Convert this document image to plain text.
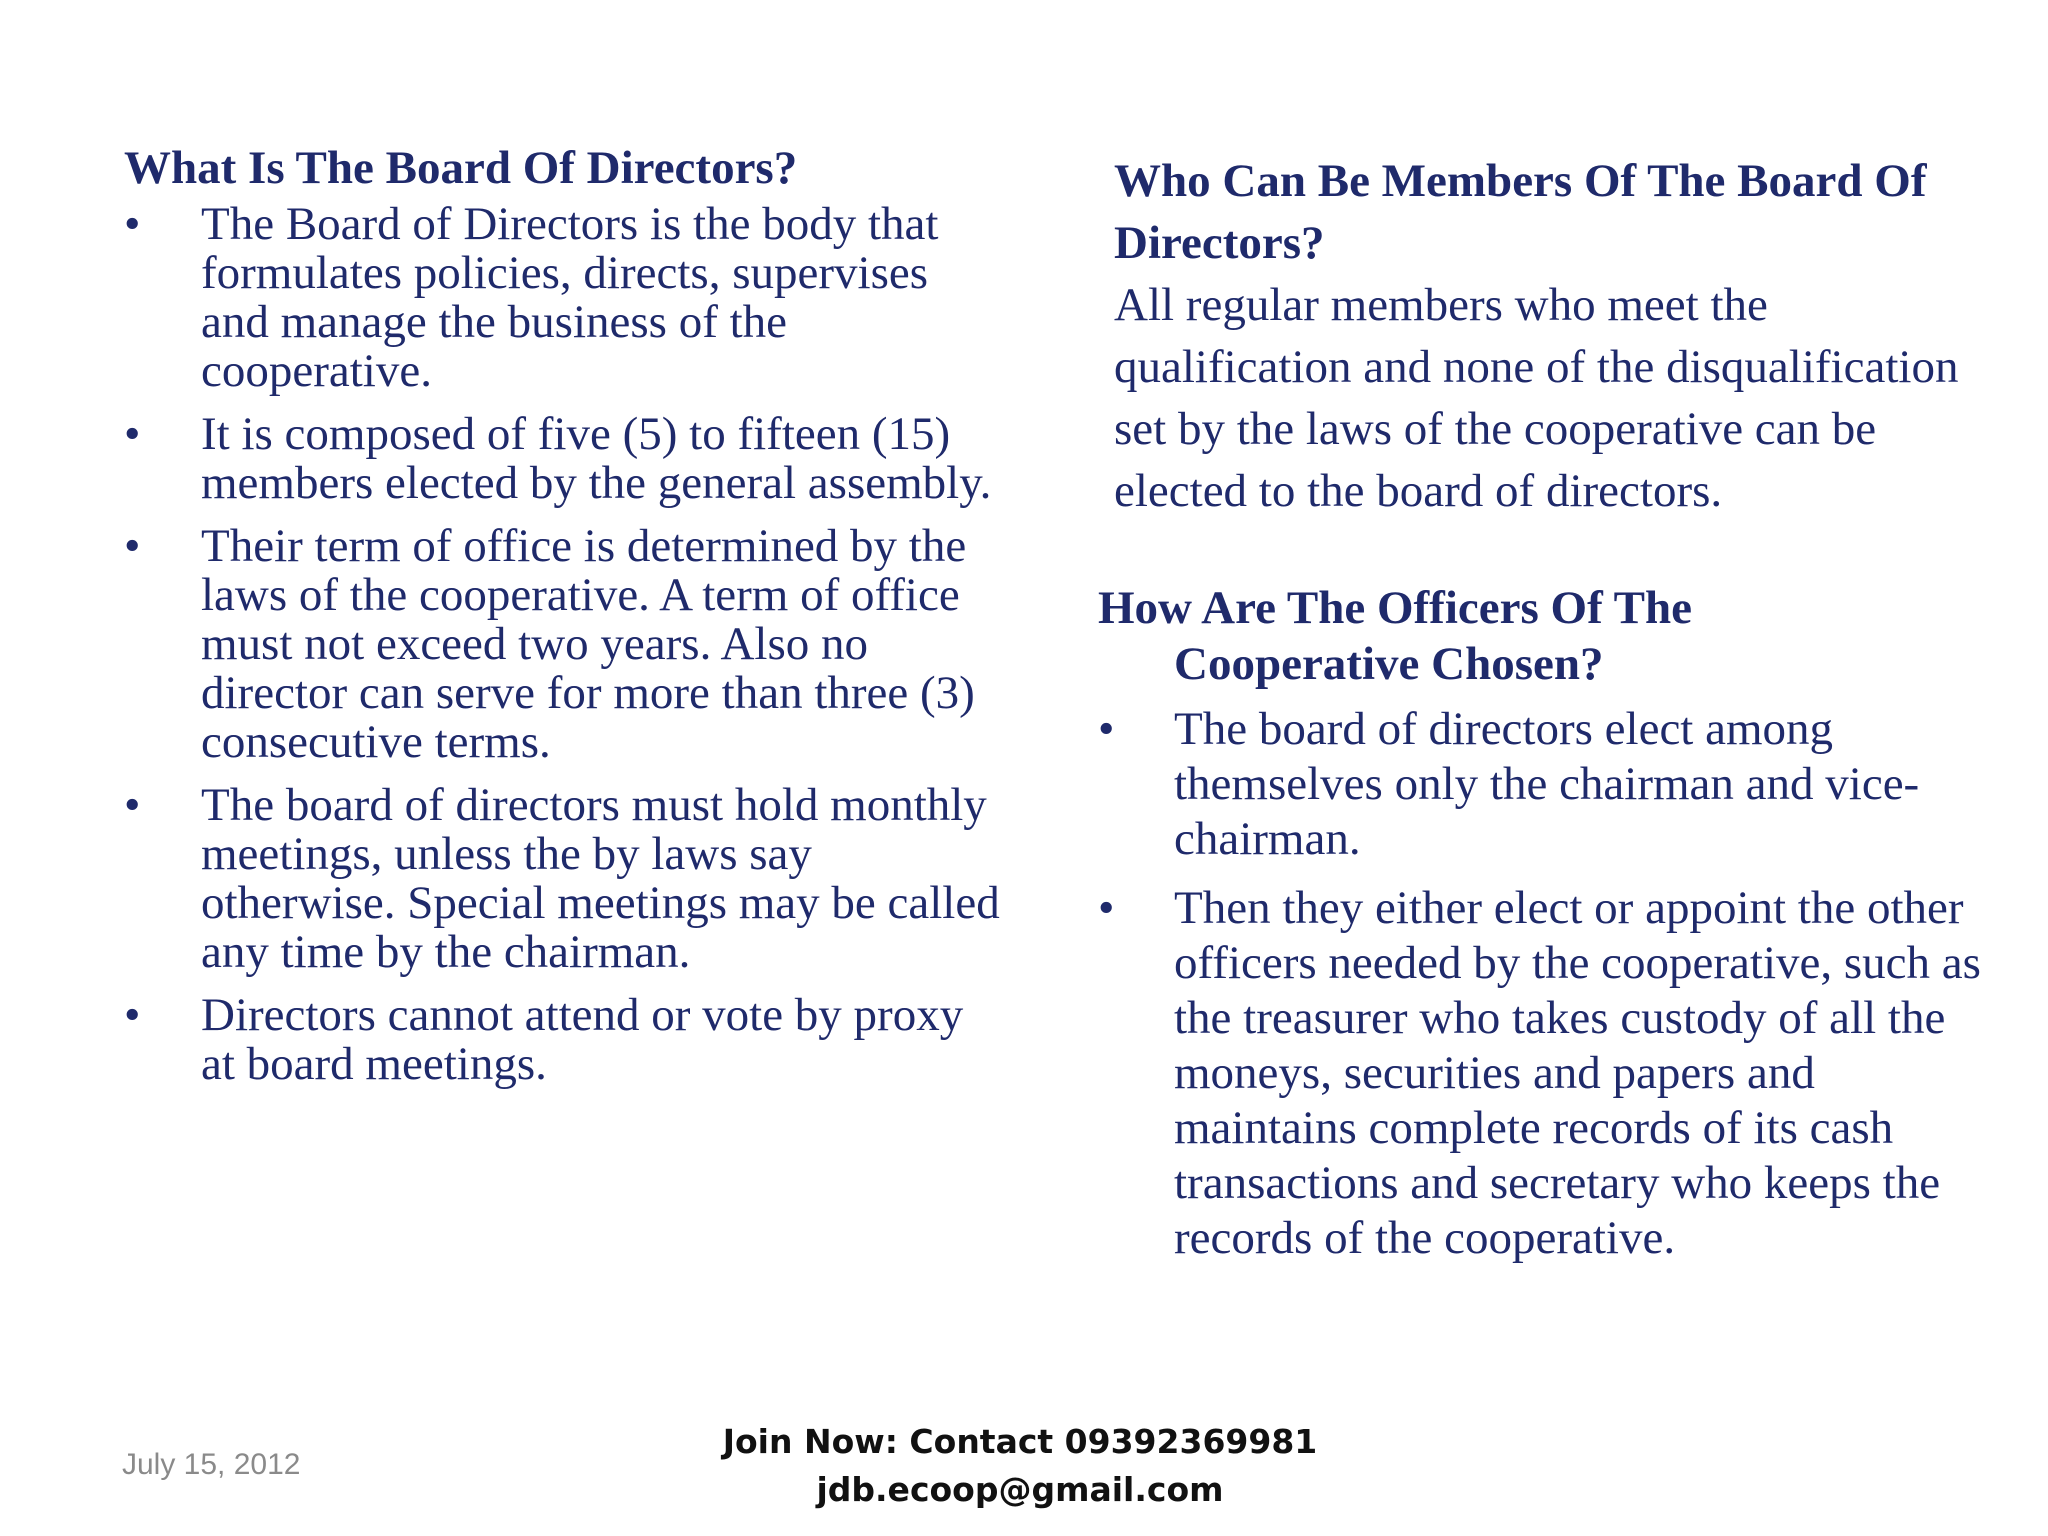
What Is The Board Of Directors?
• The Board of Directors is the body that formulates policies, directs, supervises and manage the business of the cooperative.
• It is composed of five (5) to fifteen (15) members elected by the general assembly.
• Their term of office is determined by the laws of the cooperative. A term of office must not exceed two years. Also no director can serve for more than three (3) consecutive terms.
• The board of directors must hold monthly meetings, unless the by laws say otherwise. Special meetings may be called any time by the chairman.
• Directors cannot attend or vote by proxy at board meetings.
Who Can Be Members Of The Board Of Directors?

All regular members who meet the qualification and none of the disqualification set by the laws of the cooperative can be elected to the board of directors.

How Are The Officers Of The
Cooperative Chosen?
• The board of directors elect among themselves only the chairman and vice- chairman.
• Then they either elect or appoint the other officers needed by the cooperative, such as the treasurer who takes custody of all the moneys, securities and papers and maintains complete records of its cash transactions and secretary who keeps the records of the cooperative.
July 15, 2012
Join Now: Contact 09392369981
jdb.ecoop@gmail.com
